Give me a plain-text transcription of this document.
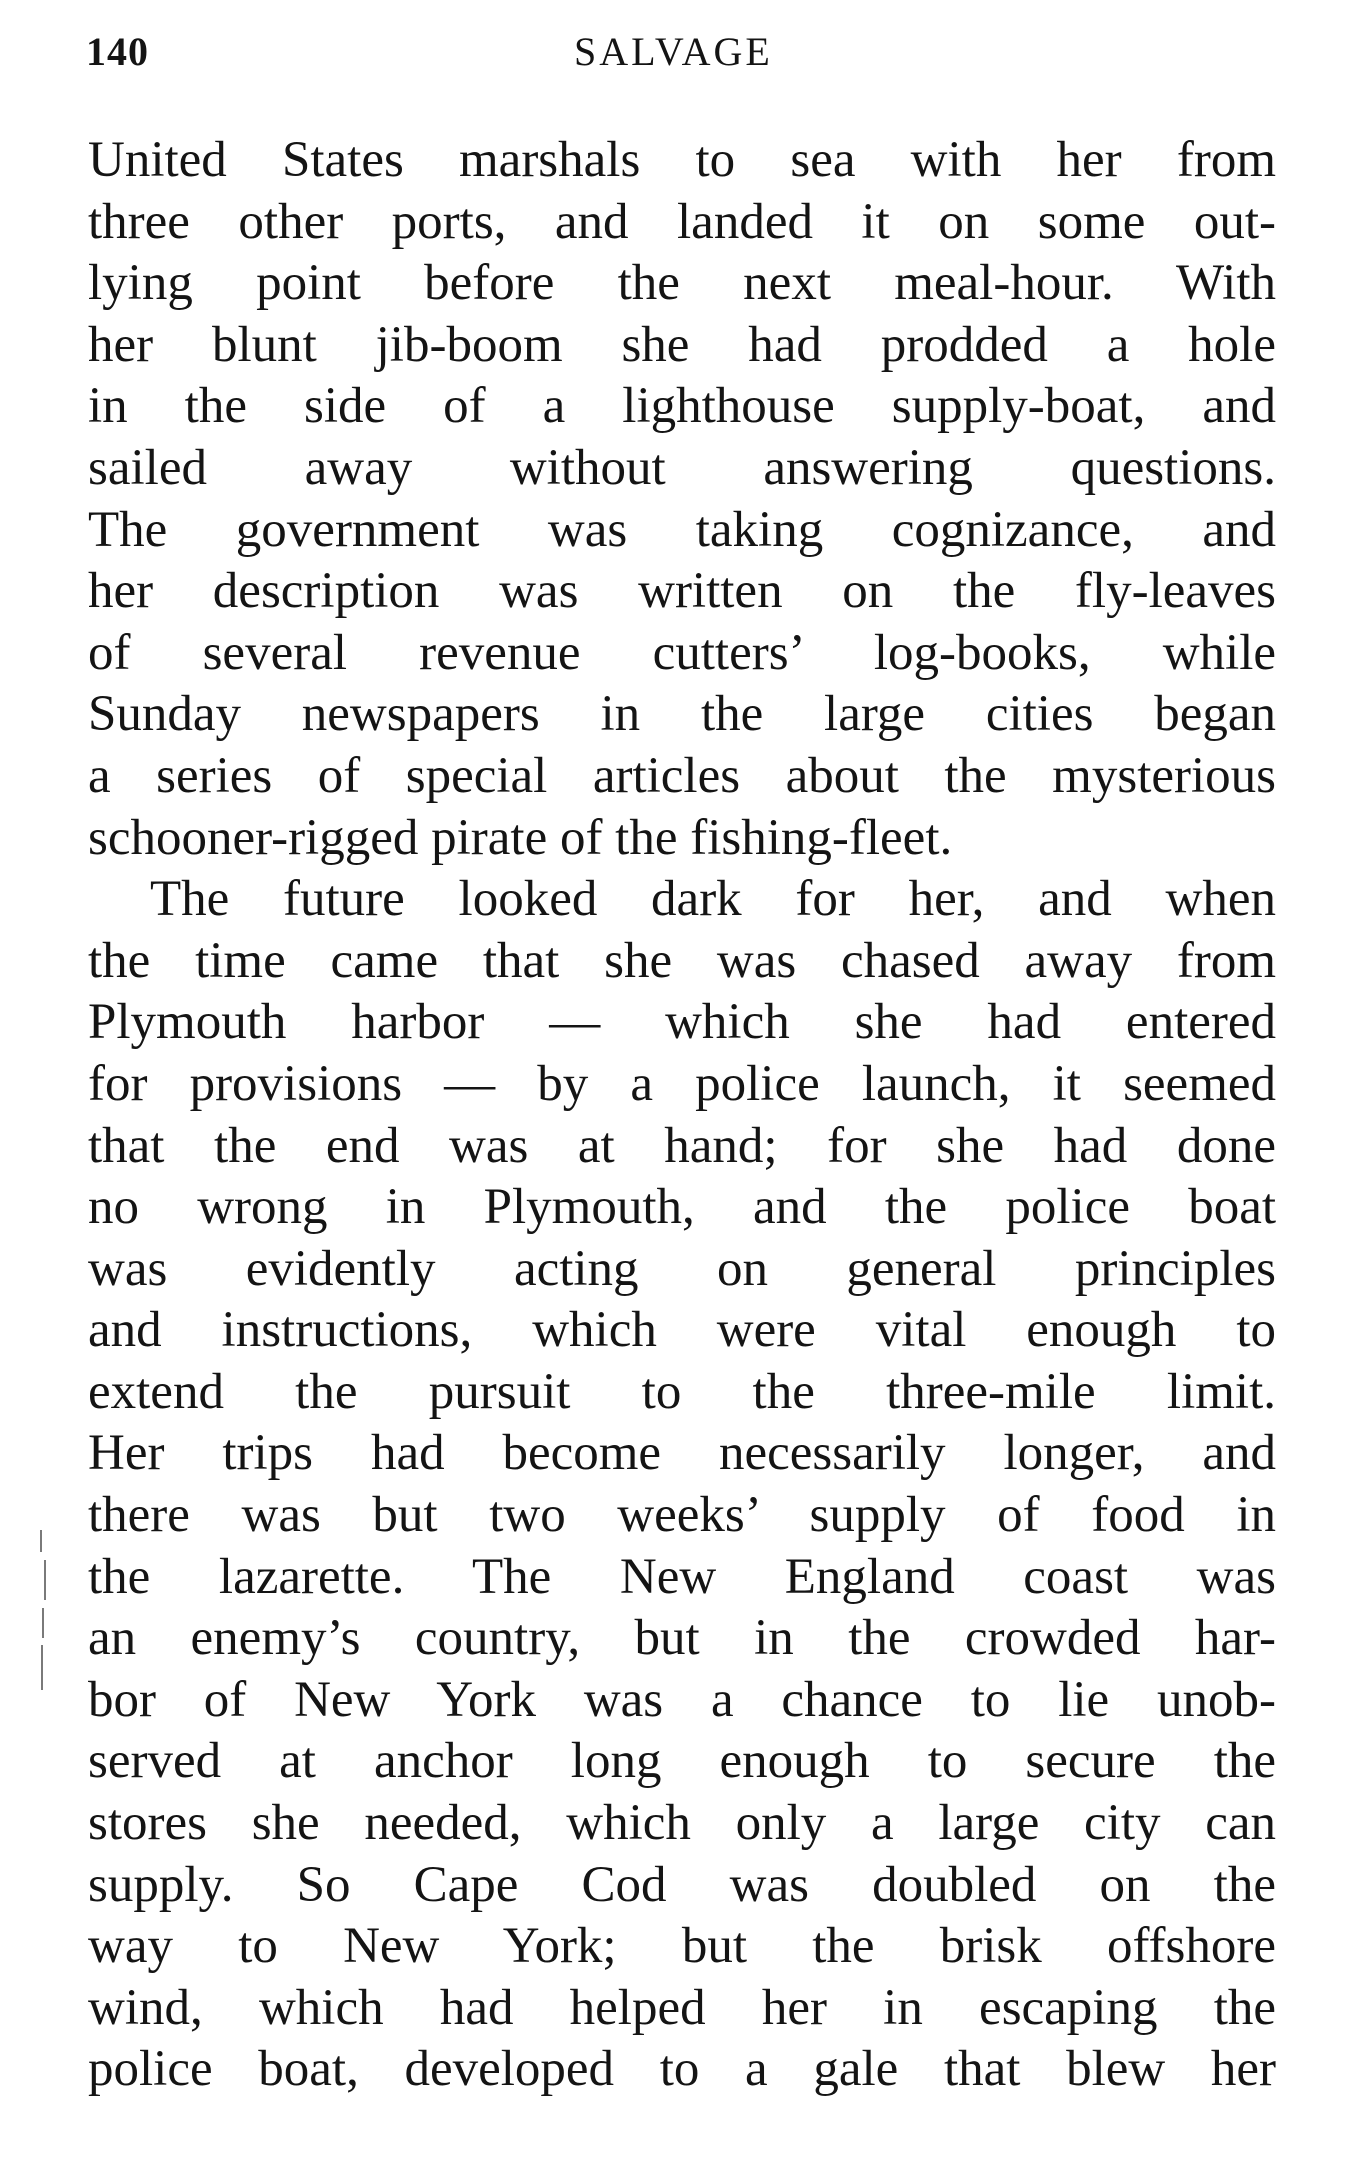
140	SALVAGE
United States marshals to sea with her from
three other ports, and landed it on some out-
lying point before the next meal-hour. With
her blunt jib-boom she had prodded a hole
in the side of a lighthouse supply-boat, and
sailed away without answering questions.
The government was taking cognizance, and
her description was written on the fly-leaves
of several revenue cutters’ log-books, while
Sunday newspapers in the large cities began
a series of special articles about the mysterious
schooner-rigged pirate of the fishing-fleet.
The future looked dark for her, and when
the time came that she was chased away from
Plymouth harbor — which she had entered
for provisions — by a police launch, it seemed
that the end was at hand; for she had done
no wrong in Plymouth, and the police boat
was evidently acting on general principles
and instructions, which were vital enough to
extend the pursuit to the three-mile limit.
Her trips had become necessarily longer, and
there was but two weeks’ supply of food in
the lazarette. The New England coast was
an enemy’s country, but in the crowded har-
bor of New York was a chance to lie unob-
served at anchor long enough to secure the
stores she needed, which only a large city can
supply. So Cape Cod was doubled on the
way to New York; but the brisk offshore
wind, which had helped her in escaping the
police boat, developed to a gale that blew her
